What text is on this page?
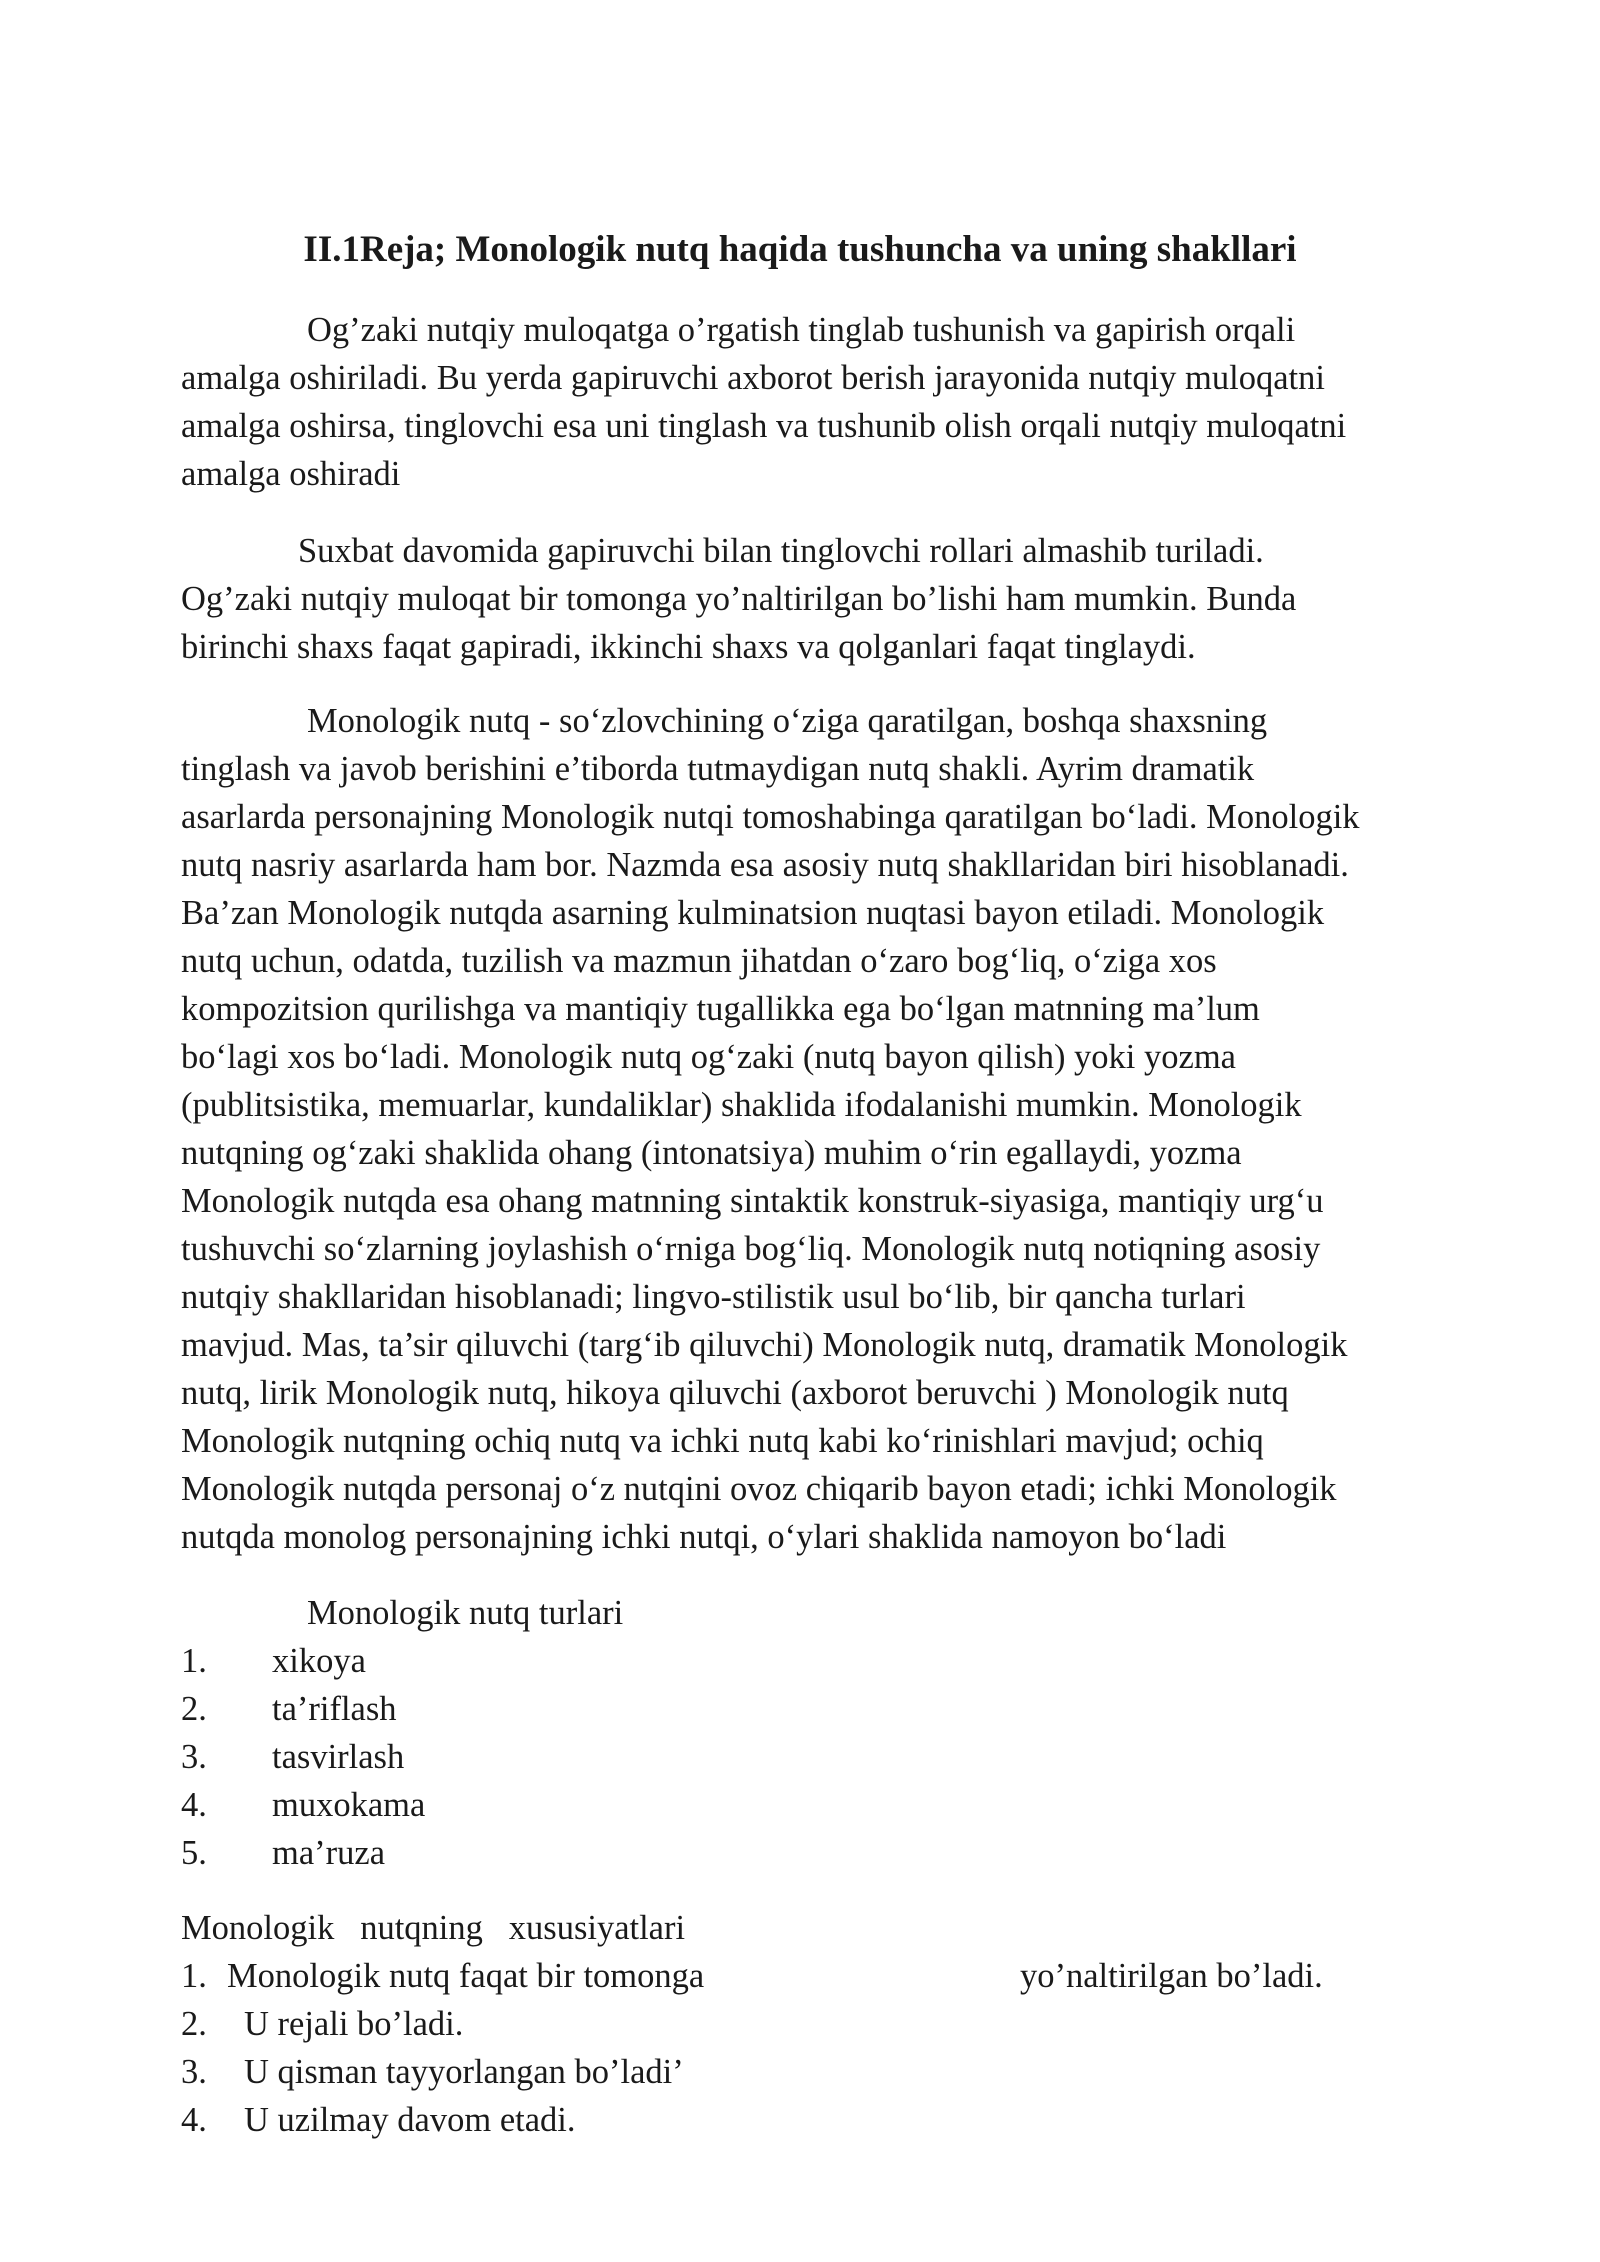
II.1Reja; Monologik nutq haqida tushuncha va uning shakllari
Og’zaki nutqiy muloqatga o’rgatish tinglab tushunish va gapirish orqali
amalga oshiriladi. Bu yerda gapiruvchi axborot berish jarayonida nutqiy muloqatni
amalga oshirsa, tinglovchi esa uni tinglash va tushunib olish orqali nutqiy muloqatni
amalga oshiradi
Suxbat davomida gapiruvchi bilan tinglovchi rollari almashib turiladi.
Og’zaki nutqiy muloqat bir tomonga yo’naltirilgan bo’lishi ham mumkin. Bunda
birinchi shaxs faqat gapiradi, ikkinchi shaxs va qolganlari faqat tinglaydi.
Monologik nutq - so‘zlovchining o‘ziga qaratilgan, boshqa shaxsning
tinglash va javob berishini e’tiborda tutmaydigan nutq shakli. Ayrim dramatik
asarlarda personajning Monologik nutqi tomoshabinga qaratilgan bo‘ladi. Monologik
nutq nasriy asarlarda ham bor. Nazmda esa asosiy nutq shakllaridan biri hisoblanadi.
Ba’zan Monologik nutqda asarning kulminatsion nuqtasi bayon etiladi. Monologik
nutq uchun, odatda, tuzilish va mazmun jihatdan o‘zaro bog‘liq, o‘ziga xos
kompozitsion qurilishga va mantiqiy tugallikka ega bo‘lgan matnning ma’lum
bo‘lagi xos bo‘ladi. Monologik nutq og‘zaki (nutq bayon qilish) yoki yozma
(publitsistika, memuarlar, kundaliklar) shaklida ifodalanishi mumkin. Monologik
nutqning og‘zaki shaklida ohang (intonatsiya) muhim o‘rin egallaydi, yozma
Monologik nutqda esa ohang matnning sintaktik konstruk-siyasiga, mantiqiy urg‘u
tushuvchi so‘zlarning joylashish o‘rniga bog‘liq. Monologik nutq notiqning asosiy
nutqiy shakllaridan hisoblanadi; lingvo-stilistik usul bo‘lib, bir qancha turlari
mavjud. Mas, ta’sir qiluvchi (targ‘ib qiluvchi) Monologik nutq, dramatik Monologik
nutq, lirik Monologik nutq, hikoya qiluvchi (axborot beruvchi ) Monologik nutq
Monologik nutqning ochiq nutq va ichki nutq kabi ko‘rinishlari mavjud; ochiq
Monologik nutqda personaj o‘z nutqini ovoz chiqarib bayon etadi; ichki Monologik
nutqda monolog personajning ichki nutqi, o‘ylari shaklida namoyon bo‘ladi
Monologik nutq turlari
1. xikoya
2. ta’riflash
3. tasvirlash
4. muxokama
5. ma’ruza
Monologik   nutqning   xususiyatlari
1. Monologik nutq faqat bir tomonga	yo’naltirilgan bo’ladi.
2. U rejali bo’ladi.
3. U qisman tayyorlangan bo’ladi’
4. U uzilmay davom etadi.
